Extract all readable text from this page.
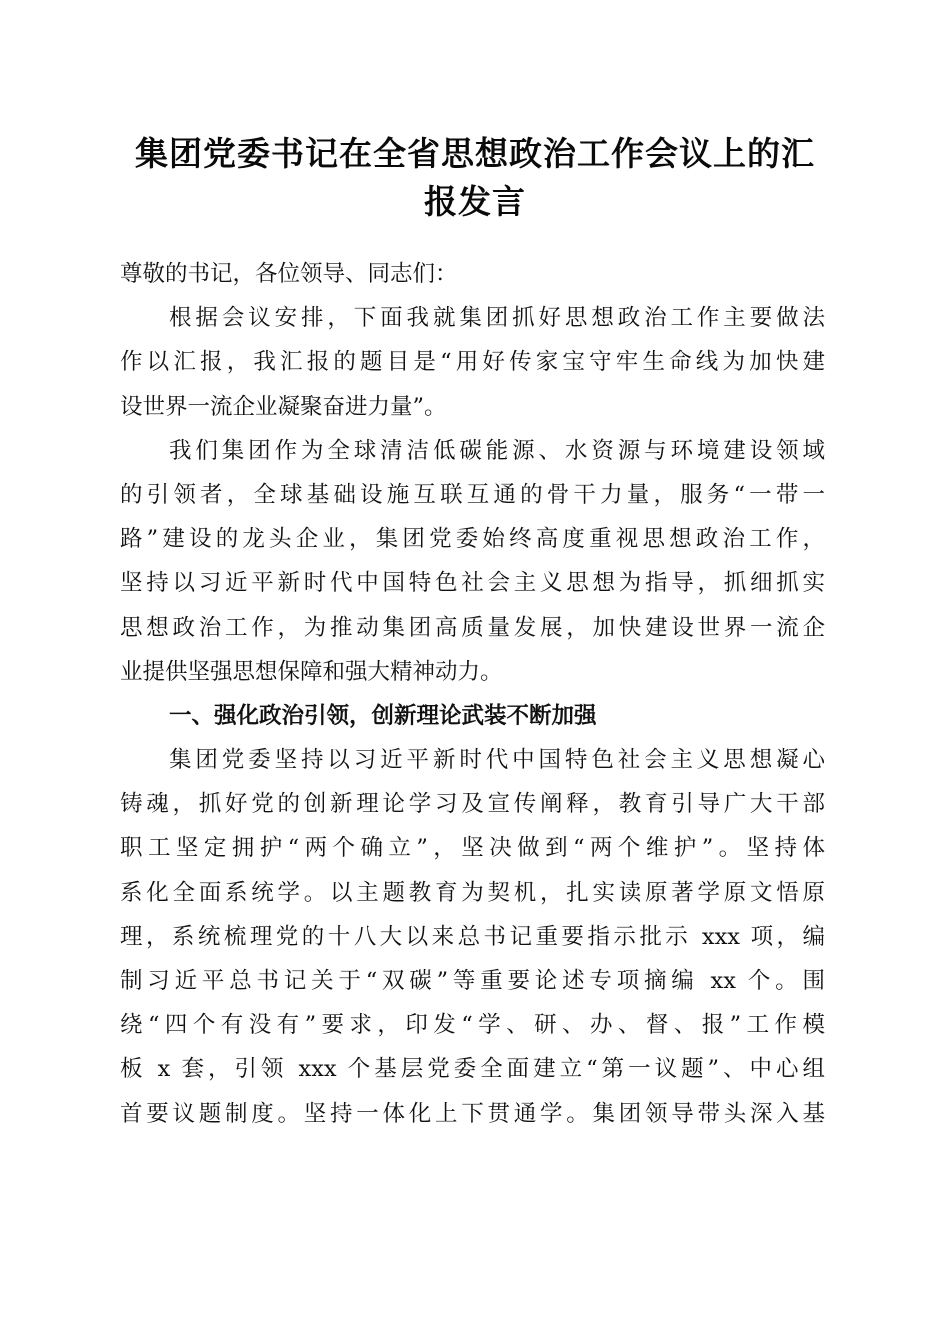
集团党委书记在全省思想政治工作会议上的汇
报发言
尊敬的书记，各位领导、同志们：
根据会议安排，下面我就集团抓好思想政治工作主要做法
作以汇报，我汇报的题目是“用好传家宝守牢生命线为加快建
设世界一流企业凝聚奋进力量”。
我们集团作为全球清洁低碳能源、水资源与环境建设领域
的引领者，全球基础设施互联互通的骨干力量，服务“一带一
路”建设的龙头企业，集团党委始终高度重视思想政治工作，
坚持以习近平新时代中国特色社会主义思想为指导，抓细抓实
思想政治工作，为推动集团高质量发展，加快建设世界一流企
业提供坚强思想保障和强大精神动力。
一、强化政治引领，创新理论武装不断加强
集团党委坚持以习近平新时代中国特色社会主义思想凝心
铸魂，抓好党的创新理论学习及宣传阐释，教育引导广大干部
职工坚定拥护“两个确立”，坚决做到“两个维护”。坚持体
系化全面系统学。以主题教育为契机，扎实读原著学原文悟原
理，系统梳理党的十八大以来总书记重要指示批示 xxx 项，编
制习近平总书记关于“双碳”等重要论述专项摘编 xx 个。围
绕“四个有没有”要求，印发“学、研、办、督、报”工作模
板 x 套，引领 xxx 个基层党委全面建立“第一议题”、中心组
首要议题制度。坚持一体化上下贯通学。集团领导带头深入基
